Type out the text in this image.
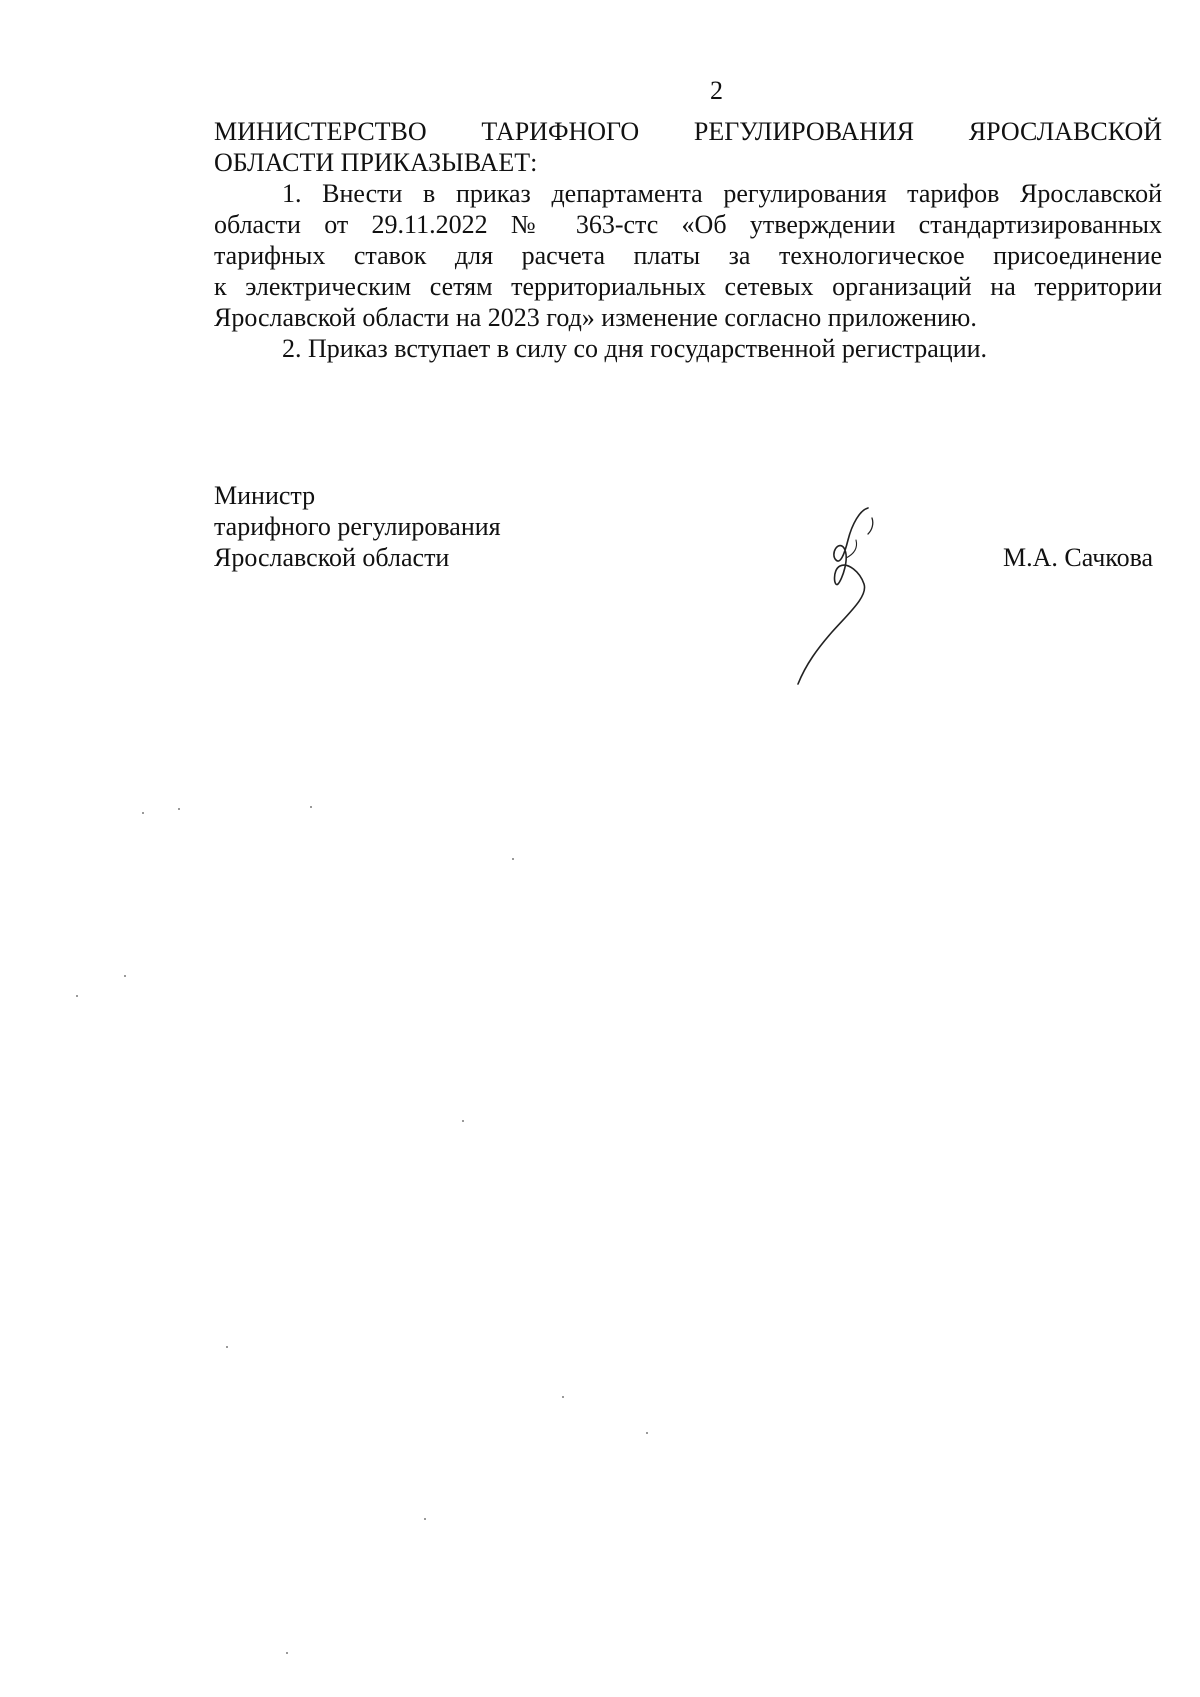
2
МИНИСТЕРСТВО ТАРИФНОГО РЕГУЛИРОВАНИЯ ЯРОСЛАВСКОЙ
ОБЛАСТИ ПРИКАЗЫВАЕТ:
1. Внести в приказ департамента регулирования тарифов Ярославской
области от 29.11.2022 № 363-стс «Об утверждении стандартизированных
тарифных ставок для расчета платы за технологическое присоединение
к электрическим сетям территориальных сетевых организаций на территории
Ярославской области на 2023 год» изменение согласно приложению.
2. Приказ вступает в силу со дня государственной регистрации.
Министр
тарифного регулирования
Ярославской области	М.А. Сачкова
